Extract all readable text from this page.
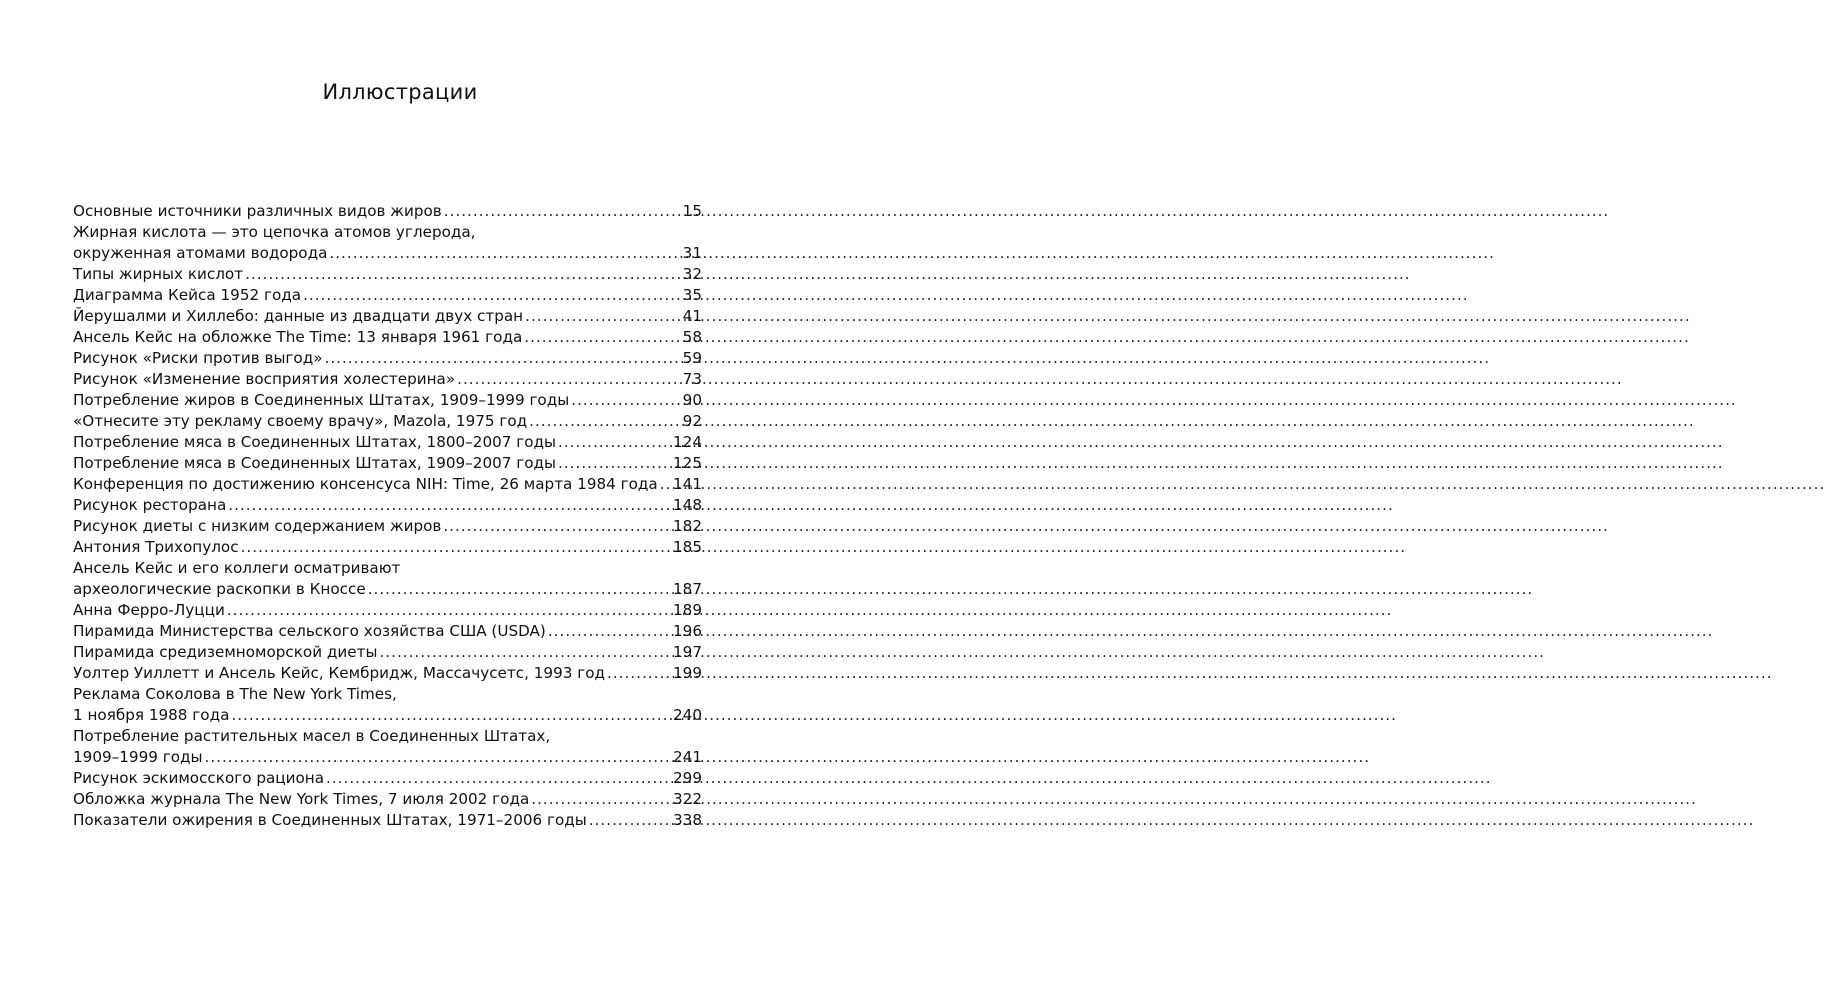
Иллюстрации
Основные источники различных видов жиров .....	15
Жирная кислота — это цепочка атомов углерода,
окруженная атомами водорода .....	31
Типы жирных кислот .....	32
Диаграмма Кейса 1952 года .....	35
Йерушалми и Хиллебо: данные из двадцати двух стран .....	41
Ансель Кейс на обложке The Time: 13 января 1961 года .....	58
Рисунок «Риски против выгод» .....	59
Рисунок «Изменение восприятия холестерина» .....	73
Потребление жиров в Соединенных Штатах, 1909–1999 годы .....	90
«Отнесите эту рекламу своему врачу», Mazola, 1975 год .....	92
Потребление мяса в Соединенных Штатах, 1800–2007 годы .....	124
Потребление мяса в Соединенных Штатах, 1909–2007 годы .....	125
Конференция по достижению консенсуса NIH: Time, 26 марта 1984 года ..... 141
Рисунок ресторана .....	148
Рисунок диеты с низким содержанием жиров .....	182
Антония Трихопулос .....	185
Ансель Кейс и его коллеги осматривают
археологические раскопки в Кноссе .....	187
Анна Ферро-Луцци .....	189
Пирамида Министерства сельского хозяйства США (USDA) .....	196
Пирамида средиземноморской диеты .....	197
Уолтер Уиллетт и Ансель Кейс, Кембридж, Массачусетс, 1993 год .....	199
Реклама Соколова в The New York Times,
1 ноября 1988 года .....	240
Потребление растительных масел в Соединенных Штатах,
1909–1999 годы .....	241
Рисунок эскимосского рациона .....	299
Обложка журнала The New York Times, 7 июля 2002 года .....	322
Показатели ожирения в Соединенных Штатах, 1971–2006 годы .....	338
